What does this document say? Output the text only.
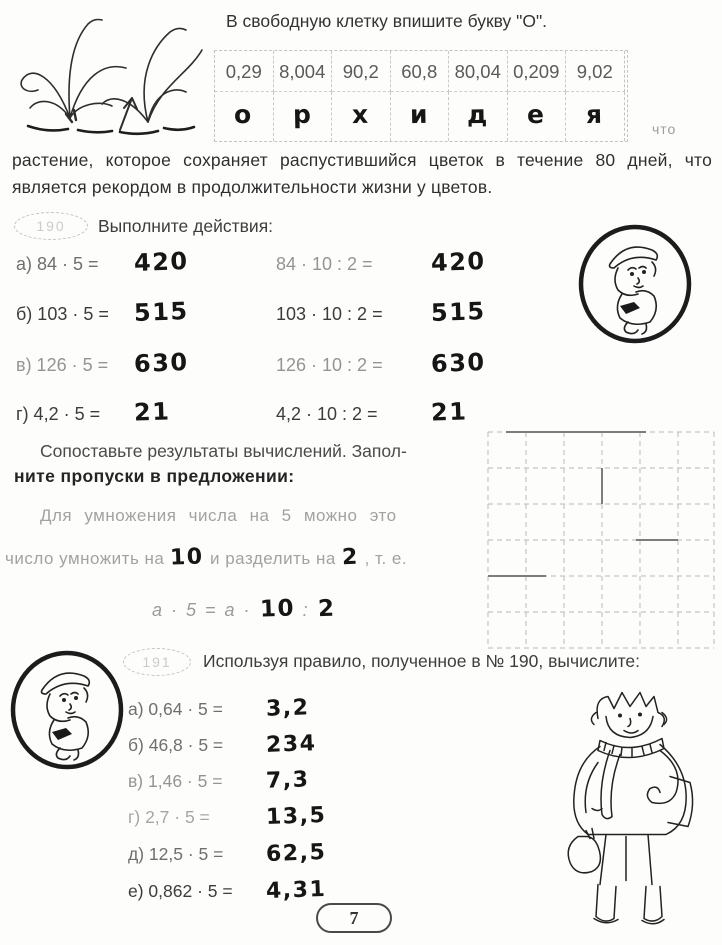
В свободную клетку впишите букву "О".
0,29 8,004 90,2	60,8 80,04 0,209 9,02
о	р	х	и	д	е	я	что
растение, которое сохраняет распустившийся цветок в течение 80 дней, что является рекордом в продолжительности жизни у цветов.
190	Выполните действия:
а) 84 · 5 =	420	84 · 10 : 2 =	420
б) 103 · 5 =	515	103 · 10 : 2 =	515
в) 126 · 5 =	630	126 · 10 : 2 =	630
г) 4,2 · 5 =	21	4,2 · 10 : 2 =	21
Сопоставьте результаты вычислений. Запол-
ните пропуски в предложении:
Для умножения числа на 5 можно это
число умножить на 10 и разделить на 2 , т. е.
а · 5 = а · 10 : 2
191	Используя правило, полученное в № 190, вычислите:
а) 0,64 · 5 =	3,2
б) 46,8 · 5 =	234
в) 1,46 · 5 =	7,3
г) 2,7 · 5 =	13,5
д) 12,5 · 5 =	62,5
е) 0,862 · 5 =	4,31
7
